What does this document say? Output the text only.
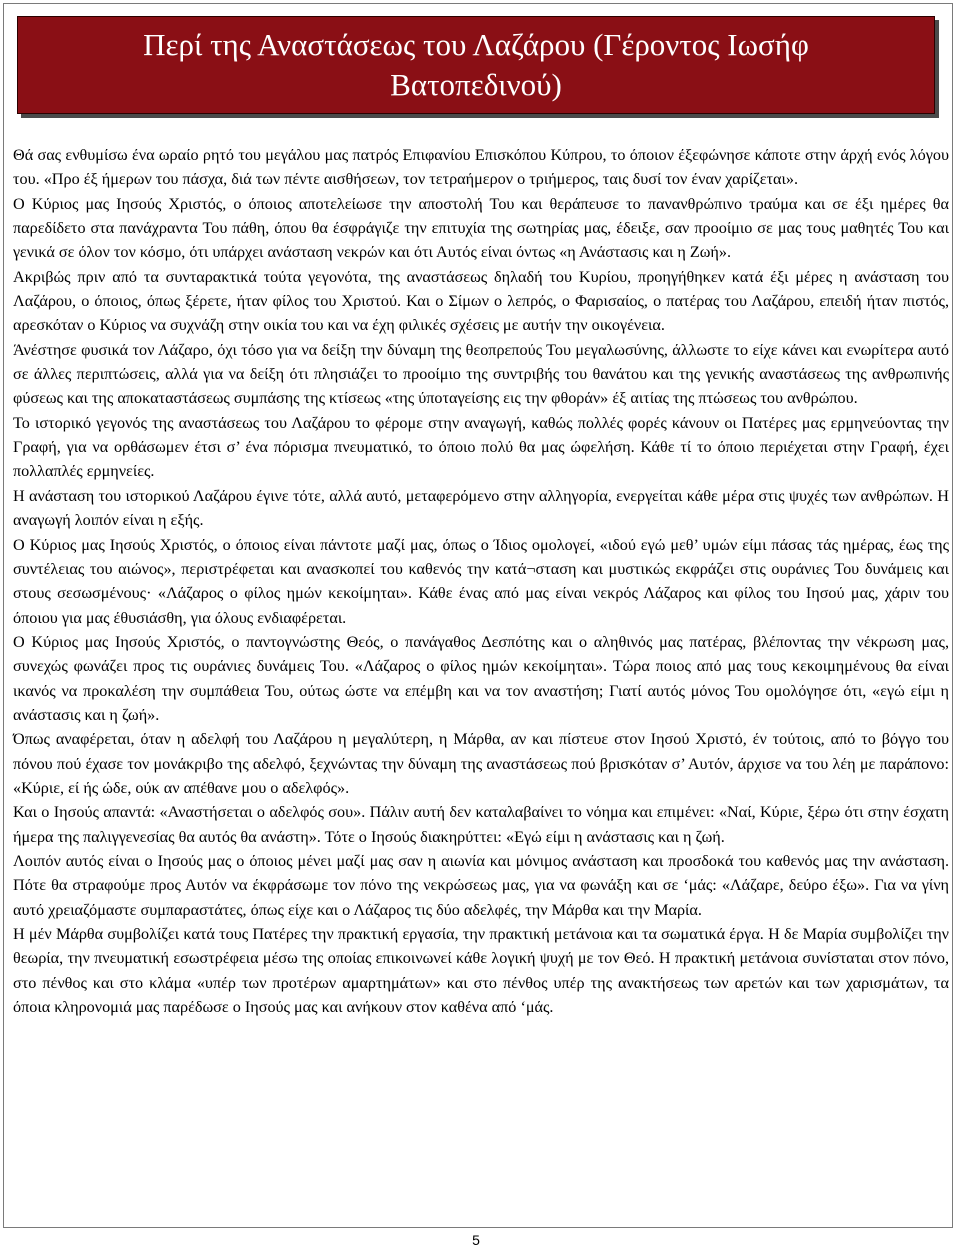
Περί της Αναστάσεως του Λαζάρου (Γέροντος Ιωσήφ Βατοπεδινού)

Θά σας ενθυμίσω ένα ωραίο ρητό του μεγάλου μας πατρός Επιφανίου Επισκόπου Κύπρου, το όποιον έξεφώνησε κάποτε στην άρχή ενός λόγου του. «Προ έξ ήμερων του πάσχα, διά των πέντε αισθήσεων, τον τετραήμερον ο τριήμερος, ταις δυσί τον έναν χαρίζεται».

Ο Κύριος μας Ιησούς Χριστός, ο όποιος αποτελείωσε την αποστολή Του και θεράπευσε το πανανθρώπινο τραύμα και σε έξι ημέρες θα παρεδίδετο στα πανάχραντα Του πάθη, όπου θα έσφράγιζε την επιτυχία της σωτηρίας μας, έδειξε, σαν προοίμιο σε μας τους μαθητές Του και γενικά σε όλον τον κόσμο, ότι υπάρχει ανάσταση νεκρών και ότι Αυτός είναι όντως «η Ανάστασις και η Ζωή».

Ακριβώς πριν από τα συνταρακτικά τούτα γεγονότα, της αναστάσεως δηλαδή του Κυρίου, προηγήθηκεν κατά έξι μέρες η ανάσταση του Λαζάρου, ο όποιος, όπως ξέρετε, ήταν φίλος του Χριστού. Και ο Σίμων ο λεπρός, ο Φαρισαίος, ο πατέρας του Λαζάρου, επειδή ήταν πιστός, αρεσκόταν ο Κύριος να συχνάζη στην οικία του και να έχη φιλικές σχέσεις με αυτήν την οικογένεια.

Άνέστησε φυσικά τον Λάζαρο, όχι τόσο για να δείξη την δύναμη της θεοπρεπούς Του μεγαλωσύνης, άλλωστε το είχε κάνει και ενωρίτερα αυτό σε άλλες περιπτώσεις, αλλά για να δείξη ότι πλησιάζει το προοίμιο της συντριβής του θανάτου και της γενικής αναστάσεως της ανθρωπινής φύσεως και της αποκαταστάσεως συμπάσης της κτίσεως «της ύποταγείσης εις την φθοράν» έξ αιτίας της πτώσεως του ανθρώπου.

Το ιστορικό γεγονός της αναστάσεως του Λαζάρου το φέρομε στην αναγωγή, καθώς πολλές φορές κάνουν οι Πατέρες μας ερμηνεύοντας την Γραφή, για να ορθάσωμεν έτσι σ’ ένα πόρισμα πνευματικό, το όποιο πολύ θα μας ώφελήση. Κάθε τί το όποιο περιέχεται στην Γραφή, έχει πολλαπλές ερμηνείες.

Η ανάσταση του ιστορικού Λαζάρου έγινε τότε, αλλά αυτό, μεταφερόμενο στην αλληγορία, ενεργείται κάθε μέρα στις ψυχές των ανθρώπων. Η αναγωγή λοιπόν είναι η εξής.

Ο Κύριος μας Ιησούς Χριστός, ο όποιος είναι πάντοτε μαζί μας, όπως ο Ίδιος ομολογεί, «ιδού εγώ μεθ’ υμών είμι πάσας τάς ημέρας, έως της συντέλειας του αιώνος», περιστρέφεται και ανασκοπεί του καθενός την κατά¬σταση και μυστικώς εκφράζει στις ουράνιες Του δυνάμεις και στους σεσωσμένους· «Λάζαρος ο φίλος ημών κεκοίμηται». Κάθε ένας από μας είναι νεκρός Λάζαρος και φίλος του Ιησού μας, χάριν του όποιου για μας έθυσιάσθη, για όλους ενδιαφέρεται.

Ο Κύριος μας Ιησούς Χριστός, ο παντογνώστης Θεός, ο πανάγαθος Δεσπότης και ο αληθινός μας πατέρας, βλέποντας την νέκρωση μας, συνεχώς φωνάζει προς τις ουράνιες δυνάμεις Του. «Λάζαρος ο φίλος ημών κεκοίμηται». Τώρα ποιος από μας τους κεκοιμημένους θα είναι ικανός να προκαλέση την συμπάθεια Του, ούτως ώστε να επέμβη και να τον αναστήση; Γιατί αυτός μόνος Του ομολόγησε ότι, «εγώ είμι η ανάστασις και η ζωή».

Όπως αναφέρεται, όταν η αδελφή του Λαζάρου η μεγαλύτερη, η Μάρθα, αν και πίστευε στον Ιησού Χριστό, έν τούτοις, από το βόγγο του πόνου πού έχασε τον μονάκριβο της αδελφό, ξεχνώντας την δύναμη της αναστάσεως πού βρισκόταν σ’ Αυτόν, άρχισε να του λέη με παράπονο: «Κύριε, εί ής ώδε, ούκ αν απέθανε μου ο αδελφός».

Και ο Ιησούς απαντά: «Αναστήσεται ο αδελφός σου». Πάλιν αυτή δεν καταλαβαίνει το νόημα και επιμένει: «Ναί, Κύριε, ξέρω ότι στην έσχατη ήμερα της παλιγγενεσίας θα αυτός θα ανάστη». Τότε ο Ιησούς διακηρύττει: «Εγώ είμι η ανάστασις και η ζωή.

Λοιπόν αυτός είναι ο Ιησούς μας ο όποιος μένει μαζί μας σαν η αιωνία και μόνιμος ανάσταση και προσδοκά του καθενός μας την ανάσταση. Πότε θα στραφούμε προς Αυτόν να έκφράσωμε τον πόνο της νεκρώσεως μας, για να φωνάξη και σε ‘μάς: «Λάζαρε, δεύρο έξω». Για να γίνη αυτό χρειαζόμαστε συμπαραστάτες, όπως είχε και ο Λάζαρος τις δύο αδελφές, την Μάρθα και την Μαρία.

Η μέν Μάρθα συμβολίζει κατά τους Πατέρες την πρακτική εργασία, την πρακτική μετάνοια και τα σωματικά έργα. Η δε Μαρία συμβολίζει την θεωρία, την πνευματική εσωστρέφεια μέσω της οποίας επικοινωνεί κάθε λογική ψυχή με τον Θεό. Η πρακτική μετάνοια συνίσταται στον πόνο, στο πένθος και στο κλάμα «υπέρ των προτέρων αμαρτημάτων» και στο πένθος υπέρ της ανακτήσεως των αρετών και των χαρισμάτων, τα όποια κληρονομιά μας παρέδωσε ο Ιησούς μας και ανήκουν στον καθένα από ‘μάς.

5
